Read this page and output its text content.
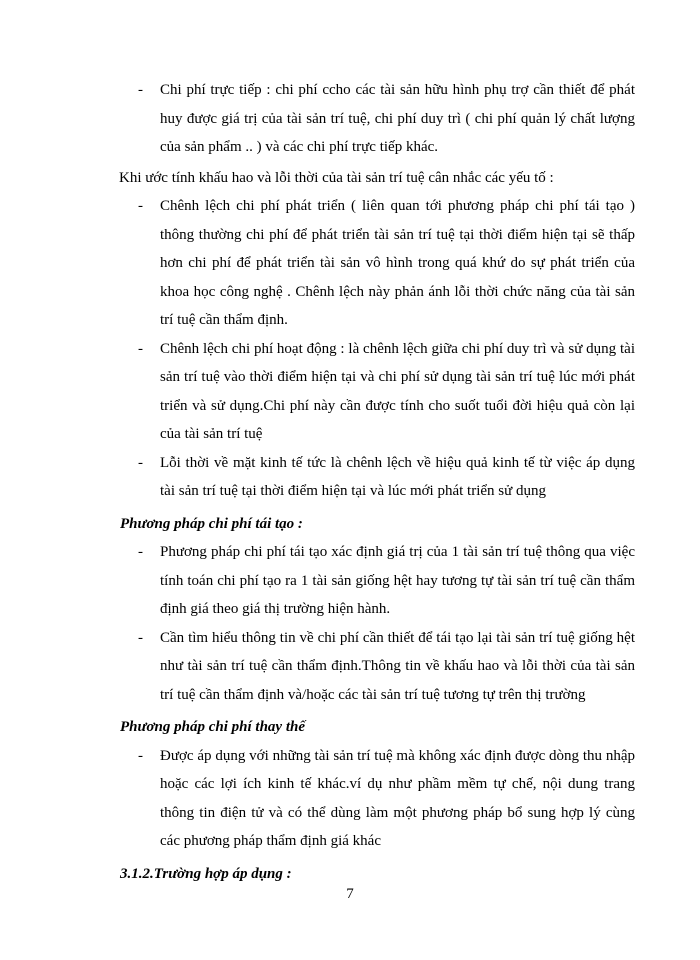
- Chi phí trực tiếp : chi phí ccho các tài sản hữu hình phụ trợ cần thiết để phát huy được giá trị của tài sản trí tuệ, chi phí duy trì ( chi phí quản lý chất lượng của sản phẩm .. ) và các chi phí trực tiếp khác.
Khi ước tính khấu hao và lỗi thời của tài sản trí tuệ cân nhắc các yếu tố :
- Chênh lệch chi phí phát triển ( liên quan tới phương pháp chi phí tái tạo ) thông thường chi phí để phát triển tài sản trí tuệ tại thời điểm hiện tại sẽ thấp hơn chi phí để phát triển tài sản vô hình trong quá khứ do sự phát triển của khoa học công nghệ . Chênh lệch này phản ánh lỗi thời chức năng của tài sản trí tuệ cần thẩm định.
- Chênh lệch chi phí hoạt động : là chênh lệch giữa chi phí duy trì và sử dụng tài sản trí tuệ vào thời điểm hiện tại và chi phí sử dụng tài sản trí tuệ lúc mới phát triển và sử dụng.Chi phí này cần được tính cho suốt tuổi đời hiệu quả còn lại của tài sản trí tuệ
- Lỗi thời về mặt kinh tế tức là chênh lệch về hiệu quả kinh tế từ việc áp dụng tài sản trí tuệ tại thời điểm hiện tại và lúc mới phát triển sử dụng
Phương pháp chi phí tái tạo :
- Phương pháp chi phí tái tạo xác định giá trị của 1 tài sản trí tuệ thông qua việc tính toán chi phí tạo ra 1 tài sản giống hệt hay tương tự tài sản trí tuệ cần thẩm định giá theo giá thị trường hiện hành.
- Cần tìm hiểu thông tin về chi phí cần thiết để tái tạo lại tài sản trí tuệ giống hệt như tài sản trí tuệ cần thẩm định.Thông tin về khấu hao và lỗi thời của tài sản trí tuệ cần thẩm định và/hoặc các tài sản trí tuệ tương tự trên thị trường
Phương pháp chi phí thay thế
- Được áp dụng với những tài sản trí tuệ mà không xác định được dòng thu nhập hoặc các lợi ích kinh tế khác.ví dụ như phầm mềm tự chế, nội dung trang thông tin điện tử và có thể dùng làm một phương pháp bổ sung hợp lý cùng các phương pháp thẩm định giá khác
3.1.2.Trường hợp áp dụng :
7
